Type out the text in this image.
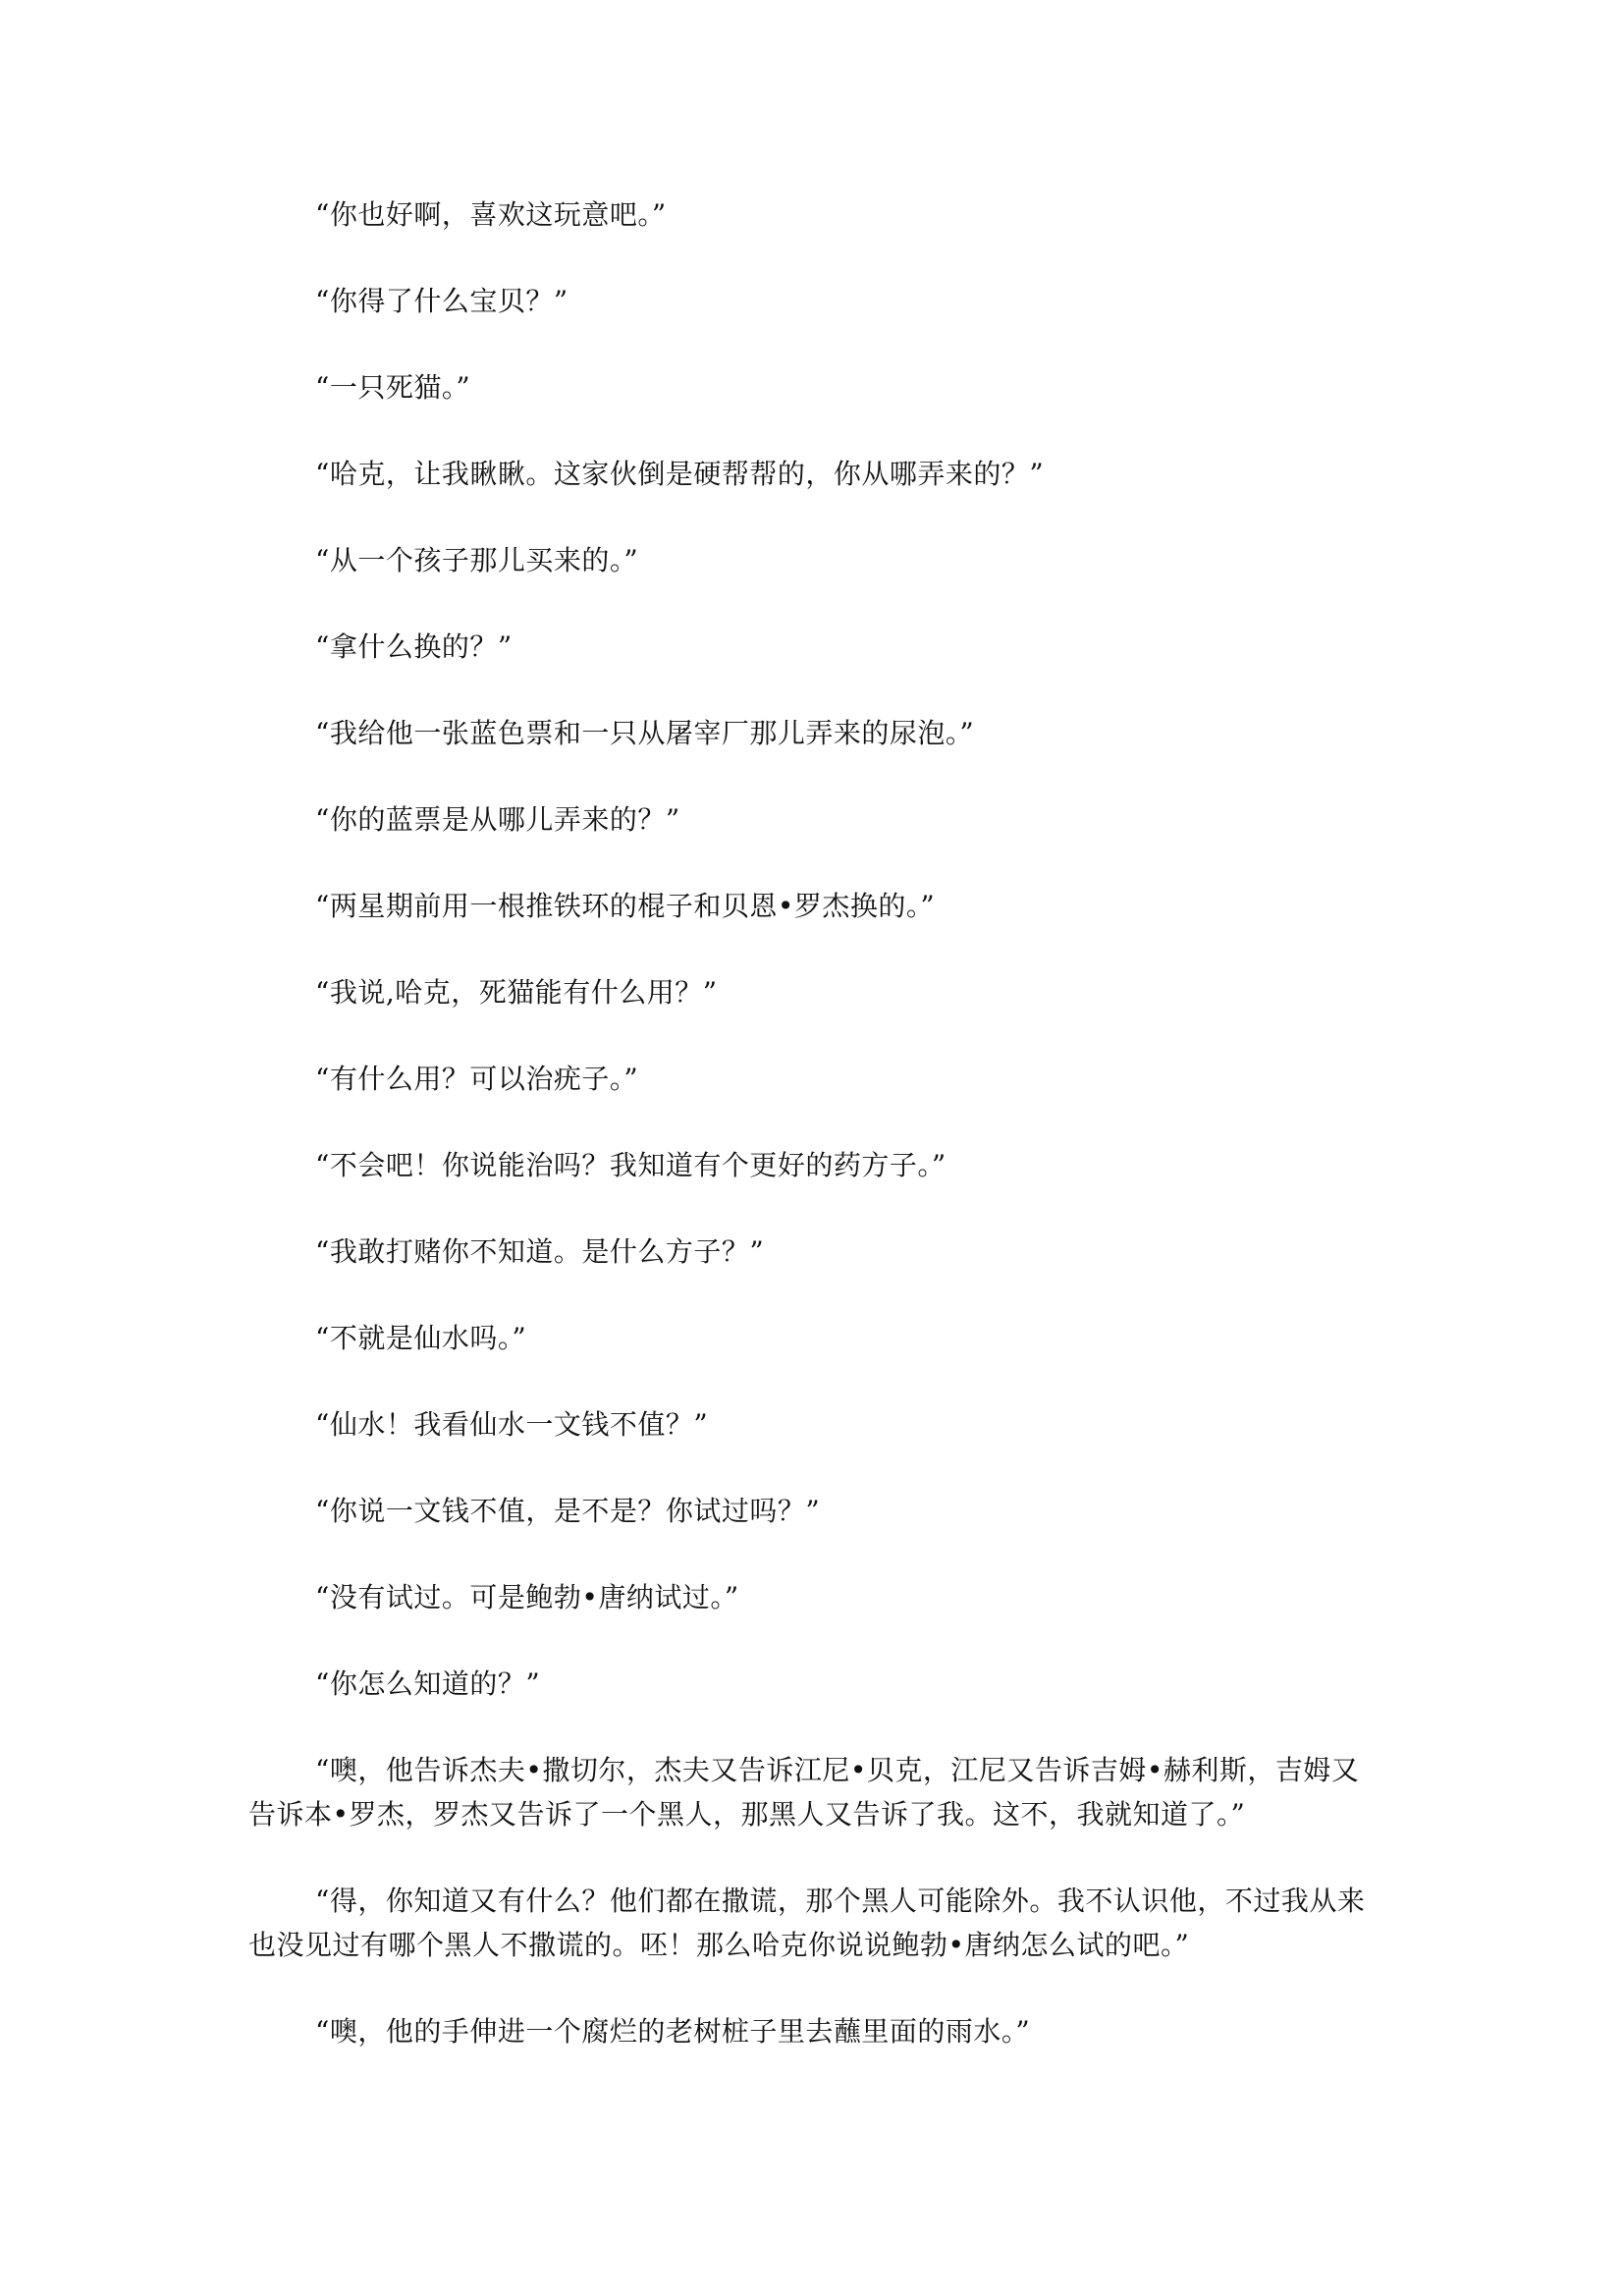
“你也好啊，喜欢这玩意吧。”

“你得了什么宝贝？”

“一只死猫。”

“哈克，让我瞅瞅。这家伙倒是硬帮帮的，你从哪弄来的？”

“从一个孩子那儿买来的。”

“拿什么换的？”

“我给他一张蓝色票和一只从屠宰厂那儿弄来的尿泡。”

“你的蓝票是从哪儿弄来的？”

“两星期前用一根推铁环的棍子和贝恩•罗杰换的。”

“我说,哈克，死猫能有什么用？”

“有什么用？可以治疣子。”

“不会吧！你说能治吗？我知道有个更好的药方子。”

“我敢打赌你不知道。是什么方子？”

“不就是仙水吗。”

“仙水！我看仙水一文钱不值？”

“你说一文钱不值，是不是？你试过吗？”

“没有试过。可是鲍勃•唐纳试过。”

“你怎么知道的？”

“噢，他告诉杰夫•撒切尔，杰夫又告诉江尼•贝克，江尼又告诉吉姆•赫利斯，吉姆又告诉本•罗杰，罗杰又告诉了一个黑人，那黑人又告诉了我。这不，我就知道了。”

“得，你知道又有什么？他们都在撒谎，那个黑人可能除外。我不认识他，不过我从来也没见过有哪个黑人不撒谎的。呸！那么哈克你说说鲍勃•唐纳怎么试的吧。”

“噢，他的手伸进一个腐烂的老树桩子里去蘸里面的雨水。”
